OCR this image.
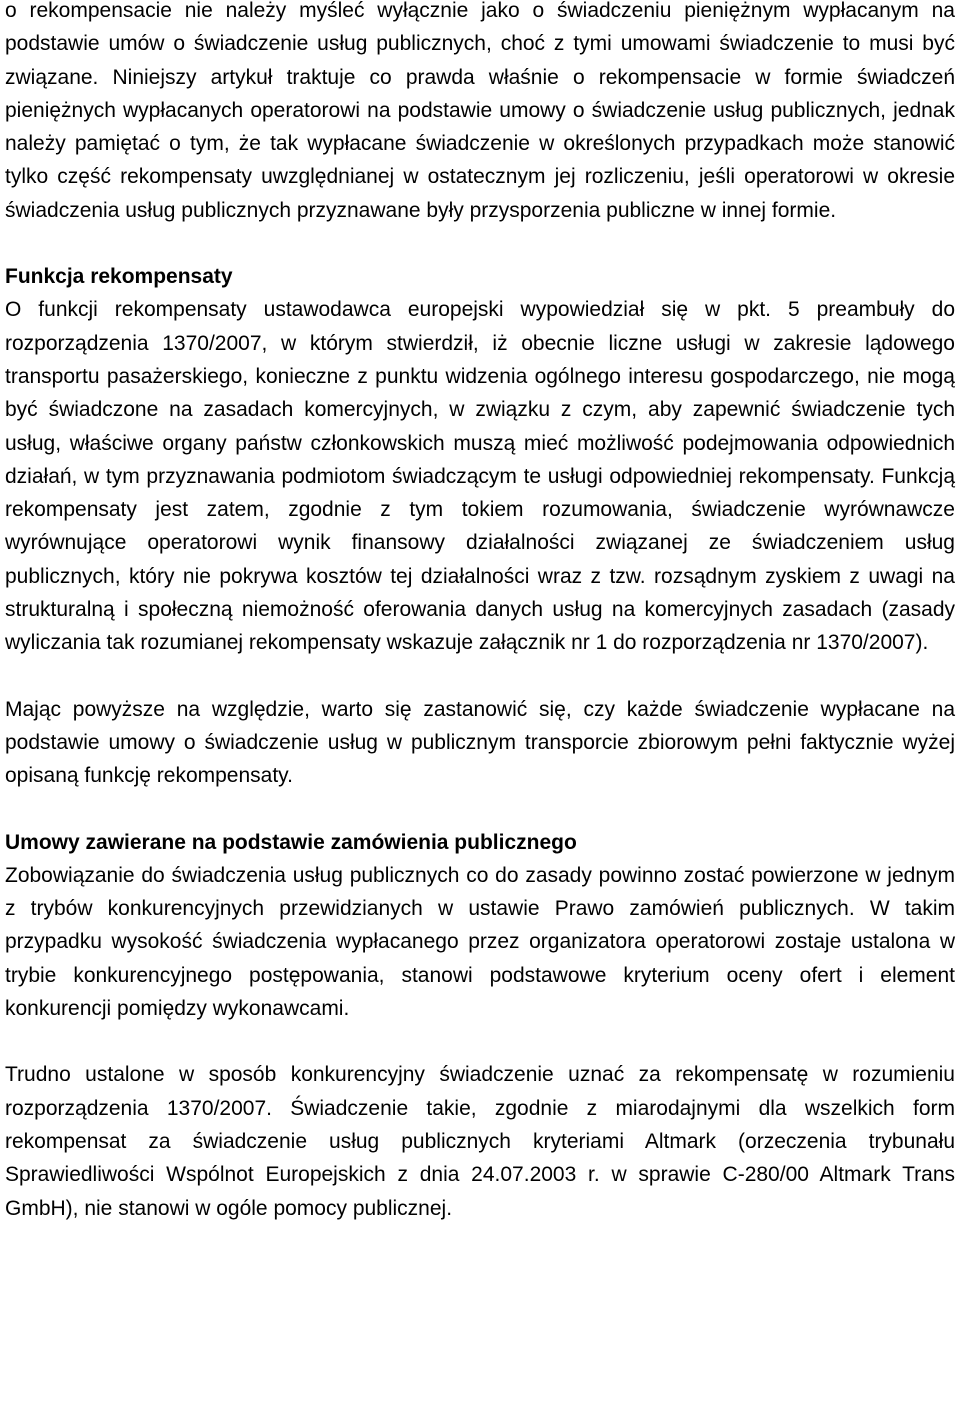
o rekompensacie nie należy myśleć wyłącznie jako o świadczeniu pieniężnym wypłacanym na podstawie umów o świadczenie usług publicznych, choć z tymi umowami świadczenie to musi być związane. Niniejszy artykuł traktuje co prawda właśnie o rekompensacie w formie świadczeń pieniężnych wypłacanych operatorowi na podstawie umowy o świadczenie usług publicznych, jednak należy pamiętać o tym, że tak wypłacane świadczenie w określonych przypadkach może stanowić tylko część rekompensaty uwzględnianej w ostatecznym jej rozliczeniu, jeśli operatorowi w okresie świadczenia usług publicznych przyznawane były przysporzenia publiczne w innej formie.

Funkcja rekompensaty

O funkcji rekompensaty ustawodawca europejski wypowiedział się w pkt. 5 preambuły do rozporządzenia 1370/2007, w którym stwierdził, iż obecnie liczne usługi w zakresie lądowego transportu pasażerskiego, konieczne z punktu widzenia ogólnego interesu gospodarczego, nie mogą być świadczone na zasadach komercyjnych, w związku z czym, aby zapewnić świadczenie tych usług, właściwe organy państw członkowskich muszą mieć możliwość podejmowania odpowiednich działań, w tym przyznawania podmiotom świadczącym te usługi odpowiedniej rekompensaty. Funkcją rekompensaty jest zatem, zgodnie z tym tokiem rozumowania, świadczenie wyrównawcze wyrównujące operatorowi wynik finansowy działalności związanej ze świadczeniem usług publicznych, który nie pokrywa kosztów tej działalności wraz z tzw. rozsądnym zyskiem z uwagi na strukturalną i społeczną niemożność oferowania danych usług na komercyjnych zasadach (zasady wyliczania tak rozumianej rekompensaty wskazuje załącznik nr 1 do rozporządzenia nr 1370/2007).

Mając powyższe na względzie, warto się zastanowić się, czy każde świadczenie wypłacane na podstawie umowy o świadczenie usług w publicznym transporcie zbiorowym pełni faktycznie wyżej opisaną funkcję rekompensaty.

Umowy zawierane na podstawie zamówienia publicznego

Zobowiązanie do świadczenia usług publicznych co do zasady powinno zostać powierzone w jednym z trybów konkurencyjnych przewidzianych w ustawie Prawo zamówień publicznych. W takim przypadku wysokość świadczenia wypłacanego przez organizatora operatorowi zostaje ustalona w trybie konkurencyjnego postępowania, stanowi podstawowe kryterium oceny ofert i element konkurencji pomiędzy wykonawcami.

Trudno ustalone w sposób konkurencyjny świadczenie uznać za rekompensatę w rozumieniu rozporządzenia 1370/2007. Świadczenie takie, zgodnie z miarodajnymi dla wszelkich form rekompensat za świadczenie usług publicznych kryteriami Altmark (orzeczenia trybunału Sprawiedliwości Wspólnot Europejskich z dnia 24.07.2003 r. w sprawie C-280/00 Altmark Trans GmbH), nie stanowi w ogóle pomocy publicznej.
